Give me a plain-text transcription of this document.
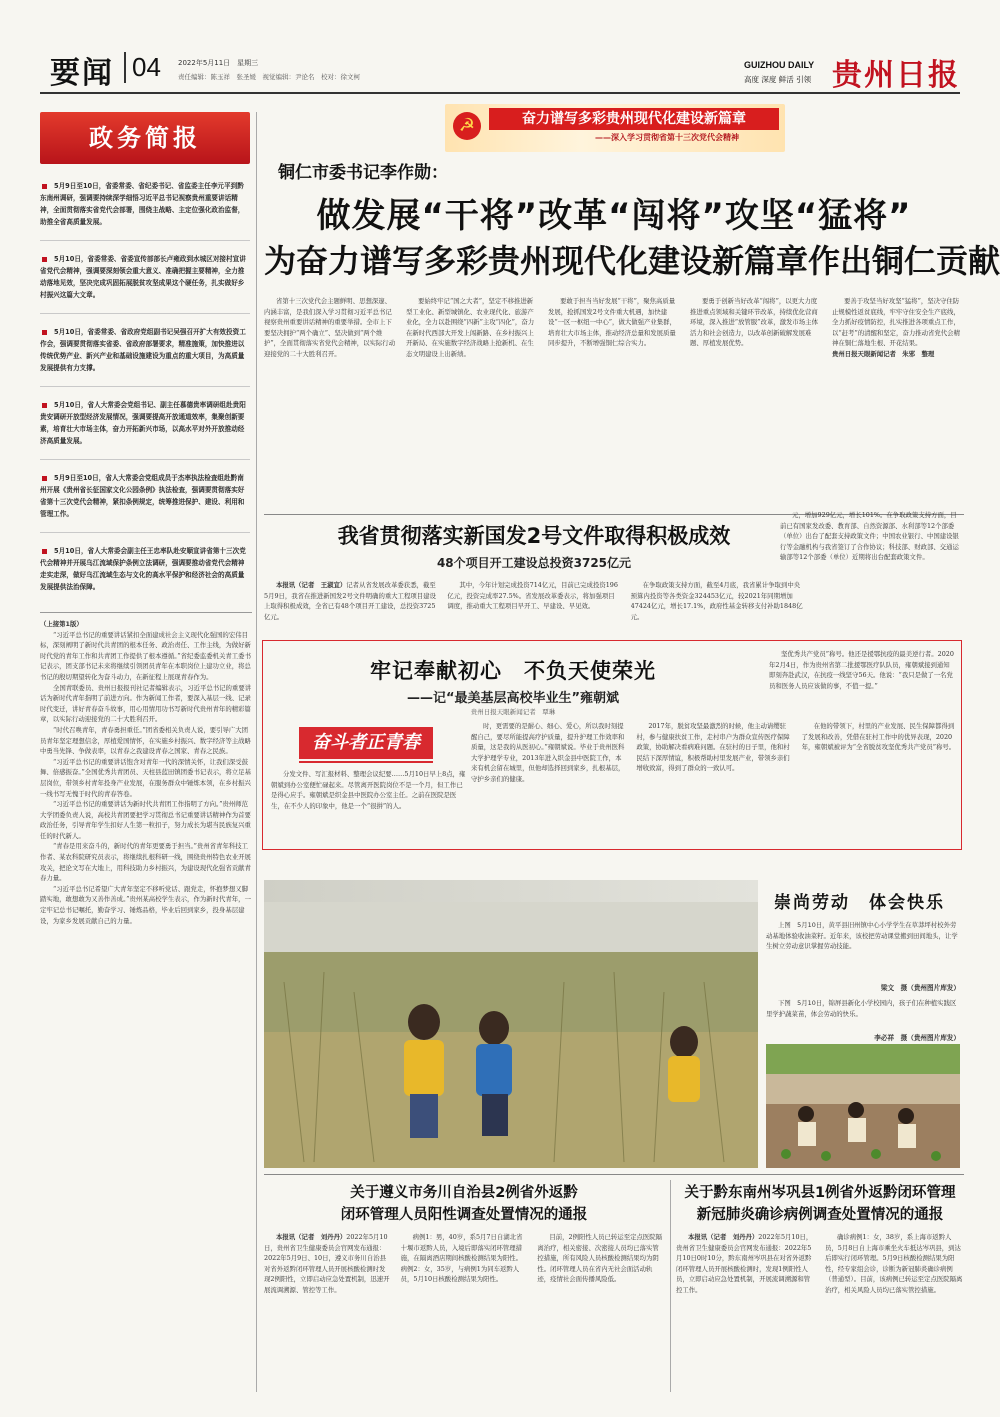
要闻 04 2022年5月11日　星期三
责任编辑：陈玉祥　张圣媛　视觉编辑：尹论名　校对：徐文柯
GUIZHOU DAILY
高度 深度 鲜活 引领 贵州日报
政务简报
5月9日至10日，省委常委、省纪委书记、省监委主任李元平到黔东南州调研，强调要持续深学细悟习近平总书记视察贵州重要讲话精神，全面贯彻落实省党代会部署，围绕主战略、主定位强化政治监督，助推全省高质量发展。
5月10日，省委常委、省委宣传部部长卢雍政到水城区对接村宣讲省党代会精神，强调要深刻领会重大意义、准确把握主要精神，全力推动落地见效，坚决完成巩固拓展脱贫攻坚成果这个硬任务，扎实做好乡村振兴这篇大文章。
5月10日，省委常委、省政府党组副书记吴强召开扩大有效投资工作会，强调要贯彻落实省委、省政府部署要求，精准施策，加快推进以传统优势产业、新兴产业和基础设施建设为重点的重大项目，为高质量发展提供有力支撑。
5月10日，省人大常委会党组书记、副主任慕德贵率调研组赴贵阳贵安调研开放型经济发展情况，强调要提高开放通道效率，集聚创新要素，培育壮大市场主体，奋力开拓新兴市场，以高水平对外开放推动经济高质量发展。
5月9日至10日，省人大常委会党组成员于杰率执法检查组赴黔南州开展《贵州省长征国家文化公园条例》执法检查，强调要贯彻落实好省第十三次党代会精神，紧扣条例规定，统筹推进保护、建设、利用和管理工作。
5月10日，省人大常委会副主任王忠率队赴安顺宣讲省第十三次党代会精神并开展乌江流域保护条例立法调研，强调要推动省党代会精神走实走深，做好乌江流域生态与文化的高水平保护和经济社会的高质量发展提供法治保障。

（上接第1版）

“习近平总书记的重要讲话紧扣全面建成社会主义现代化强国的宏伟目标，深刻阐明了新时代共青团的根本任务、政治责任、工作主线，为做好新时代党的青年工作和共青团工作提供了根本遵循。”省纪委监委机关青工委书记表示，团支部书记未来将继续引领团员青年在本职岗位上建功立业，将总书记的殷切期望转化为奋斗动力，在新征程上展现青春作为。

全国青联委员、贵州日报报刊社记者编辑表示，习近平总书记的重要讲话为新时代青年指明了前进方向。作为新闻工作者，要深入基层一线、记录时代变迁，讲好青春奋斗故事，用心用情用功书写新时代贵州青年的精彩篇章，以实际行动迎接党的二十大胜利召开。

“时代召唤青年，青春勇担重任。”团省委相关负责人说，要引导广大团员青年坚定理想信念，厚植爱国情怀，在实施乡村振兴、数字经济等主战略中勇当先锋、争做表率，以青春之我建设青春之国家、青春之民族。

“习近平总书记的重要讲话饱含对青年一代的深情关怀，让我们深受鼓舞、倍感振奋。”全国优秀共青团员、天柱县蓝田镇团委书记表示，将立足基层岗位，带领乡村青年投身产业发展，在服务群众中锤炼本领，在乡村振兴一线书写无愧于时代的青春答卷。

“习近平总书记的重要讲话为新时代共青团工作指明了方向。”贵州师范大学团委负责人说，高校共青团要把学习贯彻总书记重要讲话精神作为首要政治任务，引导青年学生扣好人生第一粒扣子，努力成长为堪当民族复兴重任的时代新人。

“青春是用来奋斗的，新时代的青年更要勇于担当。”贵州省青年科技工作者、某农科院研究员表示，将继续扎根科研一线，围绕贵州特色农业开展攻关，把论文写在大地上，用科技助力乡村振兴，为建设现代化强省贡献青春力量。

“习近平总书记希望广大青年坚定不移听党话、跟党走，怀抱梦想又脚踏实地，敢想敢为又善作善成。”贵州某高校学生表示，作为新时代青年，一定牢记总书记嘱托，勤奋学习、锤炼品格，毕业后回到家乡，投身基层建设，为家乡发展贡献自己的力量。

☭	奋力谱写多彩贵州现代化建设新篇章
——深入学习贯彻省第十三次党代会精神
铜仁市委书记李作勋：
做发展“干将”改革“闯将”攻坚“猛将”
为奋力谱写多彩贵州现代化建设新篇章作出铜仁贡献

省第十三次党代会主题鲜明、思想深邃、内涵丰富，是我们深入学习贯彻习近平总书记视察贵州重要讲话精神的重要举措。全市上下要坚决拥护“两个确立”、坚决做到“两个维护”，全面贯彻落实省党代会精神，以实际行动迎接党的二十大胜利召开。

要始终牢记“国之大者”，坚定不移推进新型工业化、新型城镇化、农业现代化、旅游产业化，全力以赴围绕“四新”主攻“四化”，奋力在新时代西部大开发上闯新路、在乡村振兴上开新局、在实施数字经济战略上抢新机、在生态文明建设上出新绩。

要敢于担当当好发展“干将”，聚焦高质量发展，抢抓国发2号文件重大机遇，加快建设“一区一枢纽一中心”，做大做强产业集群，培育壮大市场主体，推动经济总量和发展质量同步提升，不断增强铜仁综合实力。

要勇于创新当好改革“闯将”，以更大力度推进重点领域和关键环节改革，持续优化营商环境，深入推进“放管服”改革，激发市场主体活力和社会创造力，以改革创新破解发展难题、厚植发展优势。

要善于攻坚当好攻坚“猛将”，坚决守住防止规模性返贫底线，牢牢守住安全生产底线，全力抓好疫情防控，扎实推进各项重点工作，以“赶考”的清醒和坚定，奋力推动省党代会精神在铜仁落地生根、开花结果。

贵州日报天眼新闻记者　朱邪　整理

我省贯彻落实新国发2号文件取得积极成效
48个项目开工建设总投资3725亿元

本报讯（记者　王淑宜）记者从省发展改革委获悉，截至5月9日，我省在推进新国发2号文件明确的重大工程项目建设上取得积极成效，全省已有48个项目开工建设，总投资3725亿元。

其中，今年计划完成投资714亿元，目前已完成投资196亿元，投资完成率27.5%。省发展改革委表示，将加强项目调度，推动重大工程项目早开工、早建设、早见效。

在争取政策支持方面，截至4月底，我省累计争取到中央预算内投资等各类资金324453亿元，较2021年同期增加47424亿元，增长17.1%，政府性基金转移支付补助1848亿元。

元，增加929亿元，增长101%。在争取政策支持方面，目前已有国家发改委、教育部、自然资源部、水利部等12个部委（单位）出台了配套支持政策文件；中国农业银行、中国建设银行等金融机构与我省签订了合作协议；科技部、财政部、交通运输部等12个部委（单位）近期将出台配套政策文件。
牢记奉献初心　不负天使荣光
——记“最美基层高校毕业生”雍朝斌
贵州日报天眼新闻记者　覃琳
奋斗者正青春
分发文件、写汇报材料、整理会议纪要……5月10日早上8点，雍朝斌到办公室便忙碌起来。尽管离开医院岗位不是一个月，但工作已是得心应手。雍朝斌是织金县中医院办公室主任。之前在医院是医生，在不少人的印象中，他是一个“很拼”的人。

时，更需要的是耐心、细心、爱心，所以我时刻提醒自己，要尽所能提高疗护质量，提升护理工作效率和质量，这是我的从医初心。”雍朝斌说。毕业于贵州医科大学护理学专业，2013年进入织金县中医院工作，本来有机会留在城里，但他却选择回到家乡，扎根基层，守护乡亲们的健康。

2017年，脱贫攻坚最激烈的时候，他主动请缨驻村，参与健康扶贫工作，走村串户为群众宣传医疗保障政策，协助解决看病难问题。在驻村的日子里，他和村民结下深厚情谊，积极帮助村里发展产业，带领乡亲们增收致富，得到了群众的一致认可。

在他的带领下，村里的产业发展、民生保障都得到了发展和改善，凭借在驻村工作中的优异表现，2020年，雍朝斌被评为“全省脱贫攻坚优秀共产党员”称号。

坚优秀共产党员”称号。他还是援鄂抗疫的最美逆行者。2020年2月4日，作为贵州省第二批援鄂医疗队队员，雍朝斌接到通知即刻奔赴武汉，在抗疫一线坚守56天。他说：“我只是做了一名党员和医务人员应该做的事，不值一提。”
崇尚劳动　体会快乐
上图　5月10日，黄平县旧州镇中心小学学生在草莽坪村校外劳动基地体验收油菜籽。近年来，该校把劳动课堂搬到田间地头，让学生树立劳动意识掌握劳动技能。
梁文　摄（贵州图片库发）
下图　5月10日，锦屏县新化小学校园内，孩子们在种植实践区里学护蔬菜苗，体会劳动的快乐。
李必祥　摄（贵州图片库发）
关于遵义市务川自治县2例省外返黔
闭环管理人员阳性调查处置情况的通报

本报讯（记者　刘丹丹）2022年5月10日，贵州省卫生健康委员会官网发布通报：2022年5月9日、10日，遵义市务川自治县对省外返黔闭环管理人员开展核酸检测时发现2例阳性，立即启动应急处置机制，迅速开展流调溯源、管控等工作。

病例1：男，40岁，系5月7日自湖北省十堰市返黔人员，入境后即落实闭环管理措施，在隔离酒店期间核酸检测结果为阳性。病例2：女，35岁，与病例1为同车返黔人员，5月10日核酸检测结果为阳性。

目前，2例阳性人员已转运至定点医院隔离治疗，相关密接、次密接人员均已落实管控措施，所有风险人员核酸检测结果均为阴性。闭环管理人员在省内无社会面活动轨迹，疫情社会面传播风险低。

关于黔东南州岑巩县1例省外返黔闭环管理
新冠肺炎确诊病例调查处置情况的通报

本报讯（记者　刘丹丹）2022年5月10日，贵州省卫生健康委员会官网发布通报：2022年5月10日0时10分，黔东南州岑巩县在对省外返黔闭环管理人员开展核酸检测时，发现1例阳性人员，立即启动应急处置机制，开展流调溯源和管控工作。

确诊病例1：女，38岁，系上海市返黔人员，5月8日自上海市乘坐火车抵达岑巩县，到达后即实行闭环管理。5月9日核酸检测结果为阳性，经专家组会诊，诊断为新冠肺炎确诊病例（普通型）。目前，该病例已转运至定点医院隔离治疗，相关风险人员均已落实管控措施。
